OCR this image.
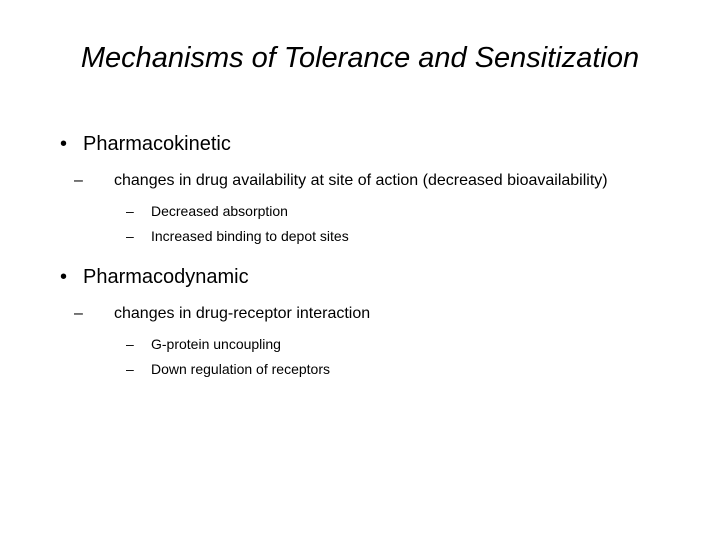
Mechanisms of Tolerance and Sensitization
• Pharmacokinetic
– changes in drug availability at site of action (decreased bioavailability)
– Decreased absorption
– Increased binding to depot sites
• Pharmacodynamic
– changes in drug-receptor interaction
– G-protein uncoupling
– Down regulation of receptors
